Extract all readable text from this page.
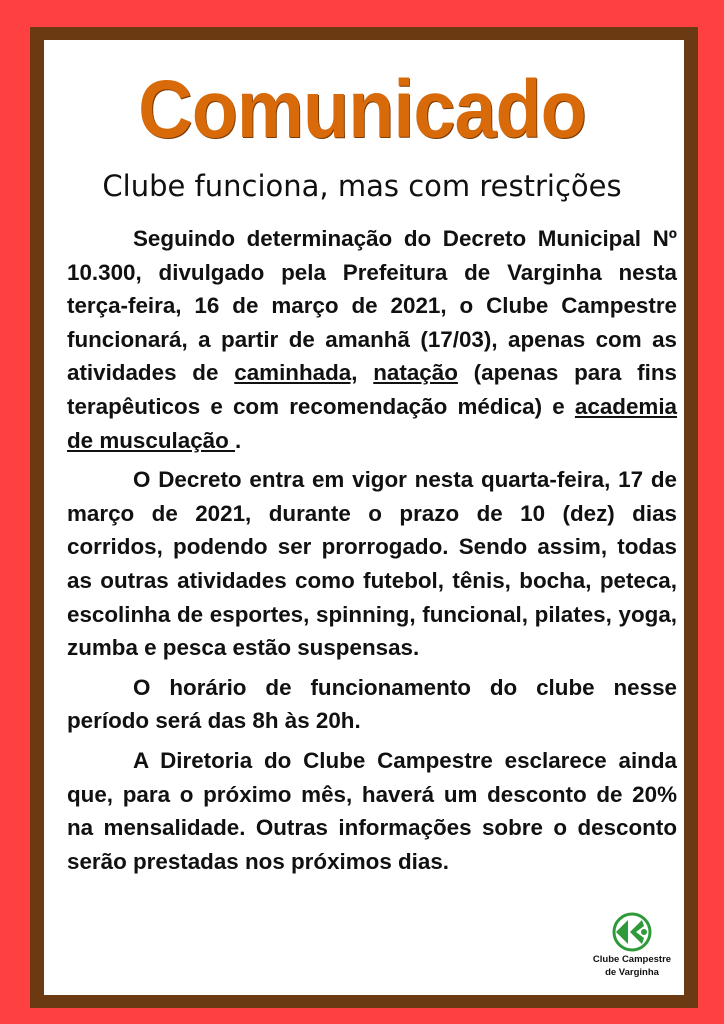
Comunicado
Clube funciona, mas com restrições

Seguindo determinação do Decreto Municipal Nº 10.300, divulgado pela Prefeitura de Varginha nesta terça-feira, 16 de março de 2021, o Clube Campestre funcionará, a partir de amanhã (17/03), apenas com as atividades de caminhada, natação (apenas para fins terapêuticos e com recomendação médica) e academia de musculação .

O Decreto entra em vigor nesta quarta-feira, 17 de março de 2021, durante o prazo de 10 (dez) dias corridos, podendo ser prorrogado. Sendo assim, todas as outras atividades como futebol, tênis, bocha, peteca, escolinha de esportes, spinning, funcional, pilates, yoga, zumba e pesca estão suspensas.

O horário de funcionamento do clube nesse período será das 8h às 20h.

A Diretoria do Clube Campestre esclarece ainda que, para o próximo mês, haverá um desconto de 20% na mensalidade. Outras informações sobre o desconto serão prestadas nos próximos dias.

Clube Campestre
de Varginha
